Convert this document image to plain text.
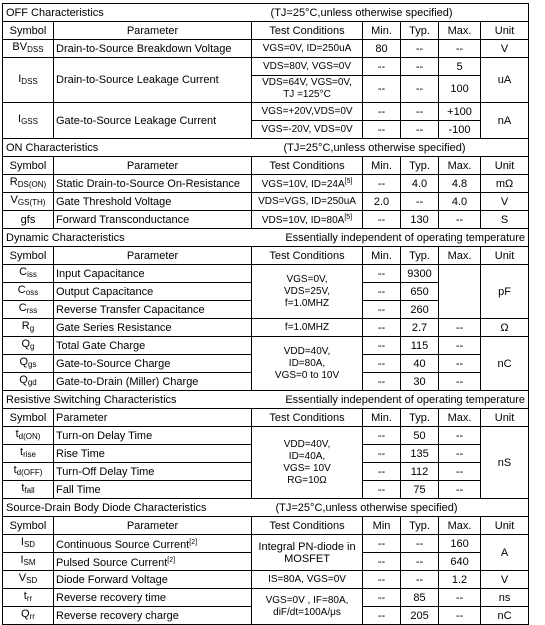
OFF Characteristics			(TJ=25°C,unless otherwise specified)			
Symbol	Parameter	Test Conditions	Min.	Typ.	Max.	Unit
$BV_{DSS}$	Drain-to-Source Breakdown Voltage	VGS=0V, ID=250uA	80	--	--	V
$I_{DSS}$	Drain-to-Source Leakage Current	VDS=80V, VGS=0V	--	--	5	uA
		VDS=64V, VGS=0V,
TJ =125°C	--	--	100	
$I_{GSS}$	Gate-to-Source Leakage Current	VGS=+20V,VDS=0V	--	--	+100	nA
		VGS=-20V, VDS=0V	--	--	-100	
ON Characteristics		(TJ=25°C,unless otherwise specified)				
Symbol	Parameter	Test Conditions	Min.	Typ.	Max.	Unit
$R_{DS(ON)}$	Static Drain-to-Source On-Resistance	VGS=10V, ID=24A[5]	--	4.0	4.8	mΩ
$V_{GS(TH)}$	Gate Threshold Voltage	VDS=VGS, ID=250uA	2.0	--	4.0	V
gfs	Forward Transconductance	VDS=10V, ID=80A[5]	--	130	--	S
Dynamic Characteristics		Essentially independent of operating temperature				
Symbol	Parameter	Test Conditions	Min.	Typ.	Max.	Unit
$C_{iss}$	Input Capacitance	VGS=0V,
VDS=25V,
f=1.0MHZ	--	9300		pF
$C_{oss}$	Output Capacitance		--	650		
$C_{rss}$	Reverse Transfer Capacitance		--	260		
$R_g$	Gate Series Resistance	f=1.0MHZ	--	2.7	--	Ω
$Q_g$	Total Gate Charge	VDD=40V,
ID=80A,
VGS=0 to 10V	--	115	--	nC
$Q_{gs}$	Gate-to-Source Charge		--	40	--	
$Q_{gd}$	Gate-to-Drain (Miller) Charge		--	30	--	
Resistive Switching Characteristics		Essentially independent of operating temperature				
Symbol	Parameter	Test Conditions	Min.	Typ.	Max.	Unit
$t_{d(ON)}$	Turn-on Delay Time	VDD=40V,
ID=40A,
VGS= 10V
RG=10Ω	--	50	--	nS
$t_{rise}$	Rise Time		--	135	--	
$t_{d(OFF)}$	Turn-Off Delay Time		--	112	--	
$t_{fall}$	Fall Time		--	75	--	
Source-Drain Body Diode Characteristics		(TJ=25°C,unless otherwise specified)				
Symbol	Parameter	Test Conditions	Min	Typ.	Max.	Unit
$I_{SD}$	Continuous Source Current[2]	Integral PN-diode in
MOSFET	--	--	160	A
$I_{SM}$	Pulsed Source Current[2]		--	--	640	
$V_{SD}$	Diode Forward Voltage	IS=80A, VGS=0V	--	--	1.2	V
$t_{rr}$	Reverse recovery time	VGS=0V , IF=80A,
diF/dt=100A/μs	--	85	--	ns
$Q_{rr}$	Reverse recovery charge		--	205	--	nC
